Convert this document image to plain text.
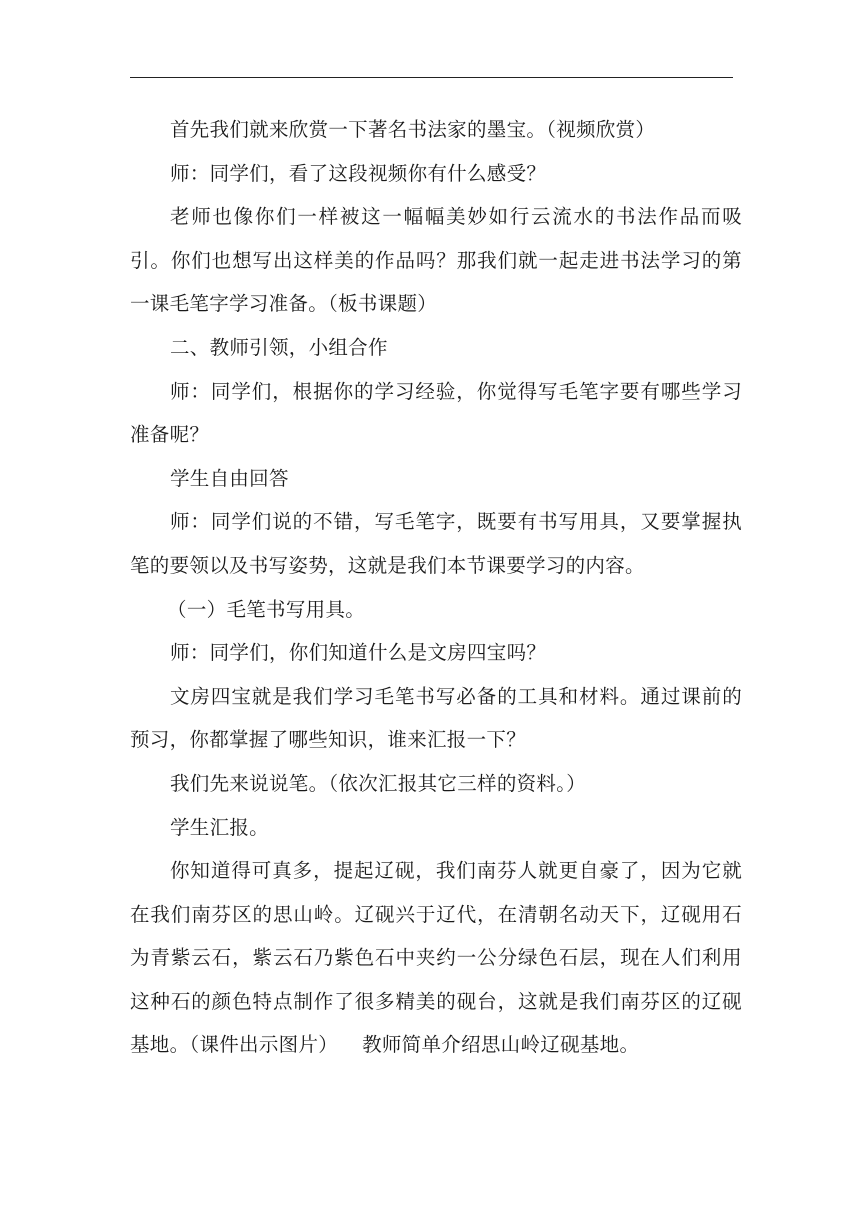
首先我们就来欣赏一下著名书法家的墨宝。（视频欣赏）

师：同学们，看了这段视频你有什么感受？

老师也像你们一样被这一幅幅美妙如行云流水的书法作品而吸引。你们也想写出这样美的作品吗？那我们就一起走进书法学习的第一课毛笔字学习准备。（板书课题）

二、教师引领，小组合作

师：同学们，根据你的学习经验，你觉得写毛笔字要有哪些学习准备呢？

学生自由回答

师：同学们说的不错，写毛笔字，既要有书写用具，又要掌握执笔的要领以及书写姿势，这就是我们本节课要学习的内容。

（一）毛笔书写用具。

师：同学们，你们知道什么是文房四宝吗？

文房四宝就是我们学习毛笔书写必备的工具和材料。通过课前的预习，你都掌握了哪些知识，谁来汇报一下？

我们先来说说笔。（依次汇报其它三样的资料。）

学生汇报。

你知道得可真多，提起辽砚，我们南芬人就更自豪了，因为它就在我们南芬区的思山岭。辽砚兴于辽代，在清朝名动天下，辽砚用石为青紫云石，紫云石乃紫色石中夹约一公分绿色石层，现在人们利用这种石的颜色特点制作了很多精美的砚台，这就是我们南芬区的辽砚基地。（课件出示图片） 教师简单介绍思山岭辽砚基地。
